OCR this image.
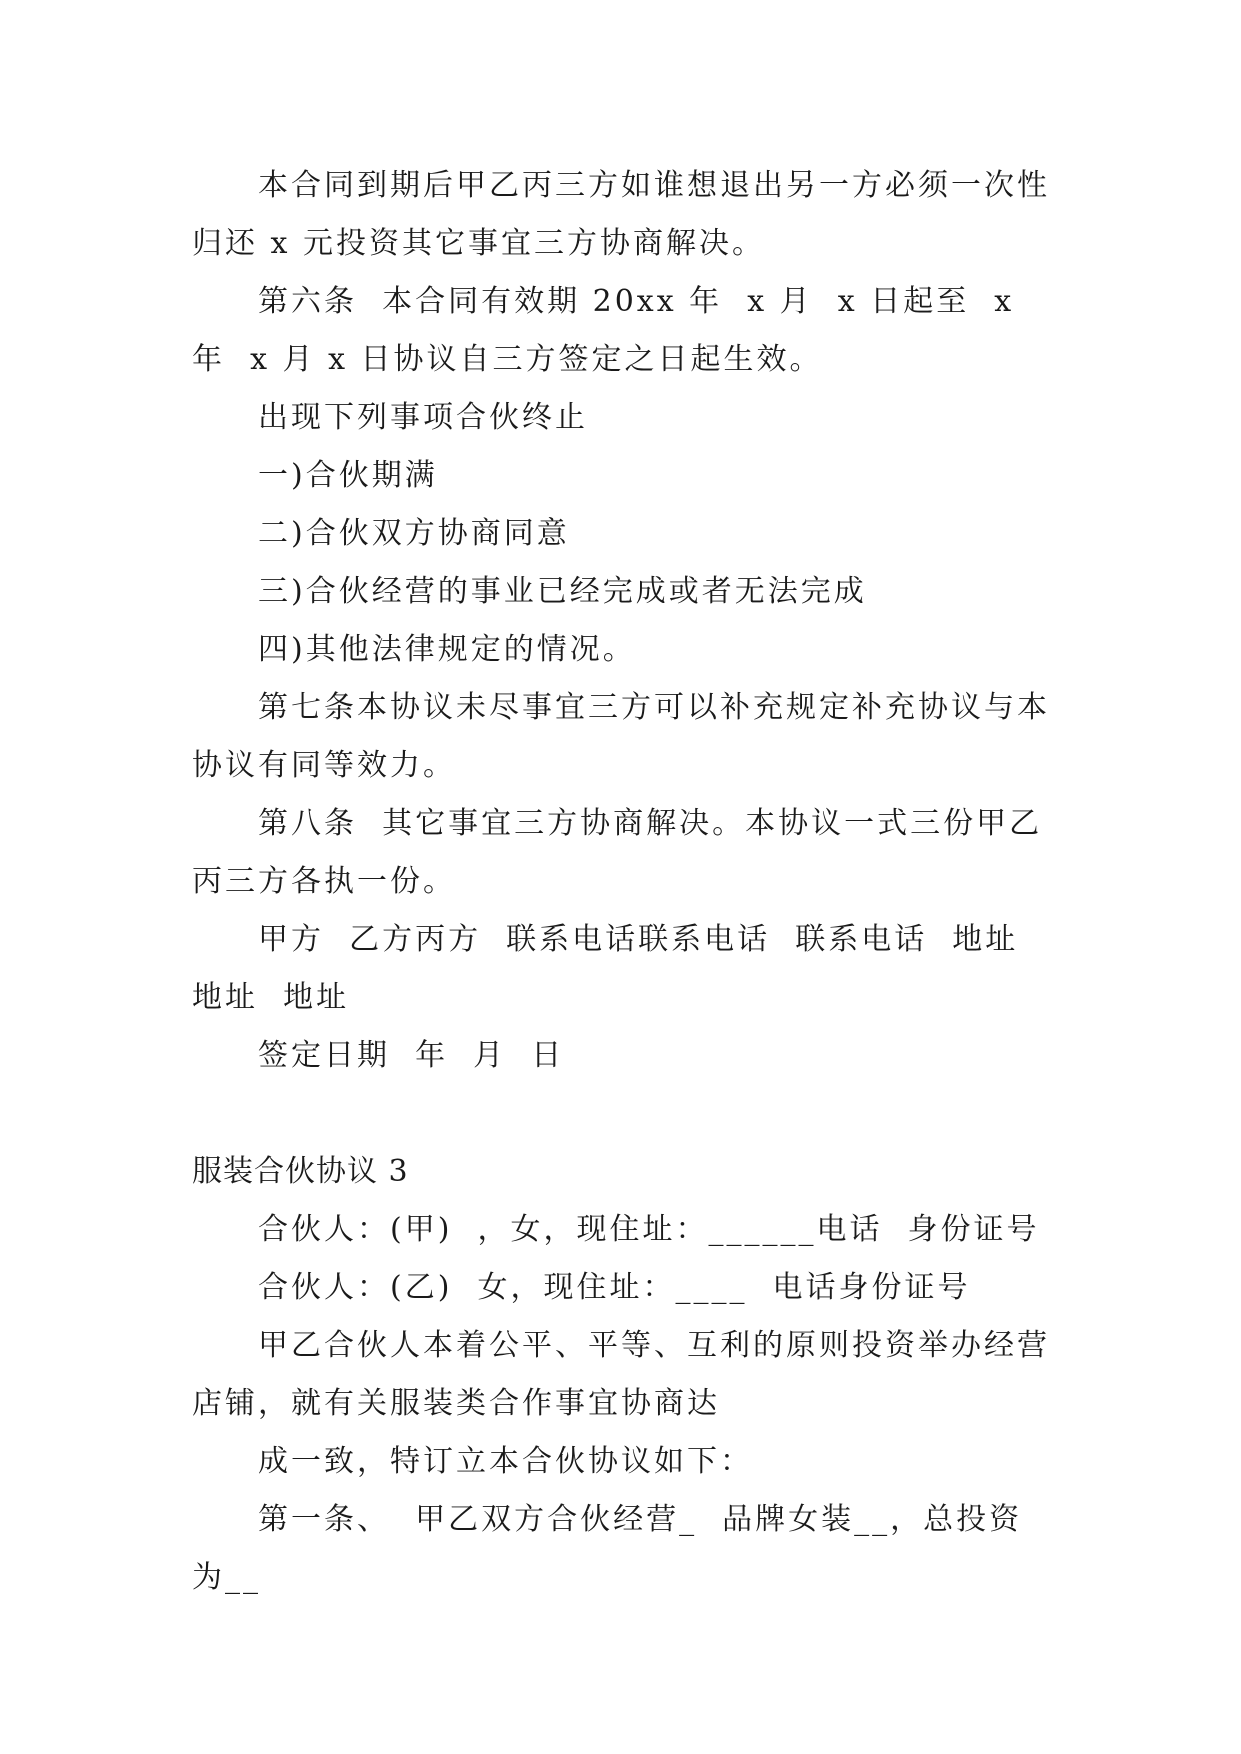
本合同到期后甲乙丙三方如谁想退出另一方必须一次性归还 x 元投资其它事宜三方协商解决。

第六条  本合同有效期 20xx 年  x 月  x 日起至  x 年  x 月 x 日协议自三方签定之日起生效。

出现下列事项合伙终止

一)合伙期满

二)合伙双方协商同意

三)合伙经营的事业已经完成或者无法完成

四)其他法律规定的情况。

第七条本协议未尽事宜三方可以补充规定补充协议与本协议有同等效力。

第八条  其它事宜三方协商解决。本协议一式三份甲乙丙三方各执一份。

甲方  乙方丙方  联系电话联系电话  联系电话  地址  地址  地址

签定日期  年  月  日

服装合伙协议 3

合伙人：(甲)  ，女，现住址：______电话  身份证号

合伙人：(乙)  女，现住址：____  电话身份证号

甲乙合伙人本着公平、平等、互利的原则投资举办经营店铺，就有关服装类合作事宜协商达

成一致，特订立本合伙协议如下：

第一条、  甲乙双方合伙经营_  品牌女装__，总投资为__
